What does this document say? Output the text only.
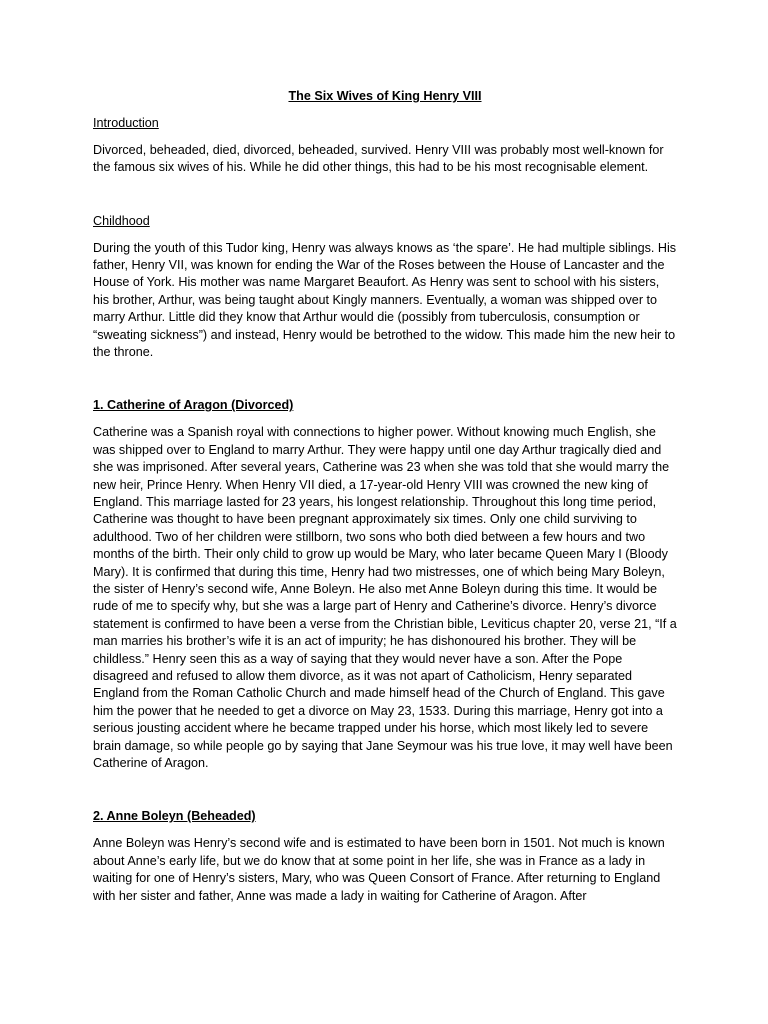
The Six Wives of King Henry VIII

Introduction

Divorced, beheaded, died, divorced, beheaded, survived. Henry VIII was probably most well-known for the famous six wives of his. While he did other things, this had to be his most recognisable element.

Childhood

During the youth of this Tudor king, Henry was always knows as ‘the spare’. He had multiple siblings. His father, Henry VII, was known for ending the War of the Roses between the House of Lancaster and the House of York. His mother was name Margaret Beaufort. As Henry was sent to school with his sisters, his brother, Arthur, was being taught about Kingly manners. Eventually, a woman was shipped over to marry Arthur. Little did they know that Arthur would die (possibly from tuberculosis, consumption or “sweating sickness”) and instead, Henry would be betrothed to the widow. This made him the new heir to the throne.

1. Catherine of Aragon (Divorced)

Catherine was a Spanish royal with connections to higher power. Without knowing much English, she was shipped over to England to marry Arthur. They were happy until one day Arthur tragically died and she was imprisoned. After several years, Catherine was 23 when she was told that she would marry the new heir, Prince Henry. When Henry VII died, a 17-year-old Henry VIII was crowned the new king of England. This marriage lasted for 23 years, his longest relationship. Throughout this long time period, Catherine was thought to have been pregnant approximately six times. Only one child surviving to adulthood. Two of her children were stillborn, two sons who both died between a few hours and two months of the birth. Their only child to grow up would be Mary, who later became Queen Mary I (Bloody Mary). It is confirmed that during this time, Henry had two mistresses, one of which being Mary Boleyn, the sister of Henry’s second wife, Anne Boleyn. He also met Anne Boleyn during this time. It would be rude of me to specify why, but she was a large part of Henry and Catherine’s divorce. Henry’s divorce statement is confirmed to have been a verse from the Christian bible, Leviticus chapter 20, verse 21, “If a man marries his brother’s wife it is an act of impurity; he has dishonoured his brother. They will be childless.” Henry seen this as a way of saying that they would never have a son. After the Pope disagreed and refused to allow them divorce, as it was not apart of Catholicism, Henry separated England from the Roman Catholic Church and made himself head of the Church of England. This gave him the power that he needed to get a divorce on May 23, 1533. During this marriage, Henry got into a serious jousting accident where he became trapped under his horse, which most likely led to severe brain damage, so while people go by saying that Jane Seymour was his true love, it may well have been Catherine of Aragon.

2. Anne Boleyn (Beheaded)

Anne Boleyn was Henry’s second wife and is estimated to have been born in 1501. Not much is known about Anne’s early life, but we do know that at some point in her life, she was in France as a lady in waiting for one of Henry’s sisters, Mary, who was Queen Consort of France. After returning to England with her sister and father, Anne was made a lady in waiting for Catherine of Aragon. After
